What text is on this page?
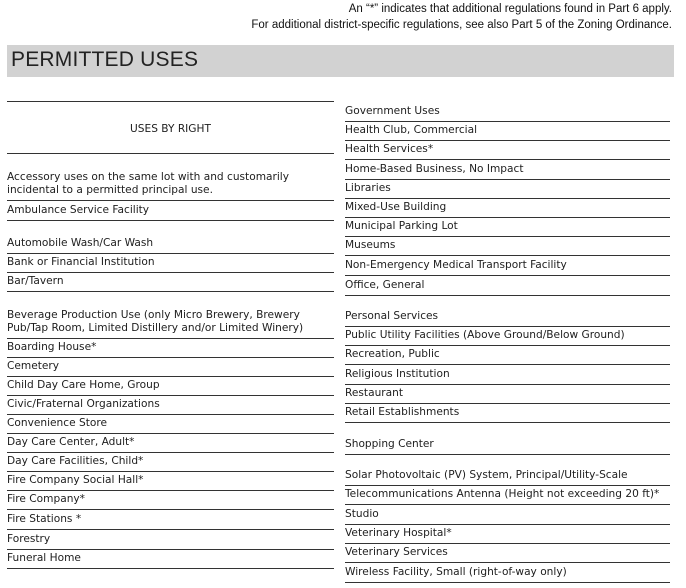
An “*” indicates that additional regulations found in Part 6 apply.
For additional district-specific regulations, see also Part 5 of the Zoning Ordinance.
PERMITTED USES
USES BY RIGHT
Accessory uses on the same lot with and customarily incidental to a permitted principal use.
Ambulance Service Facility
Automobile Wash/Car Wash
Bank or Financial Institution
Bar/Tavern
Beverage Production Use (only Micro Brewery, Brewery Pub/Tap Room, Limited Distillery and/or Limited Winery)
Boarding House*
Cemetery
Child Day Care Home, Group
Civic/Fraternal Organizations
Convenience Store
Day Care Center, Adult*
Day Care Facilities, Child*
Fire Company Social Hall*
Fire Company*
Fire Stations *
Forestry
Funeral Home
Government Uses
Health Club, Commercial
Health Services*
Home-Based Business, No Impact
Libraries
Mixed-Use Building
Municipal Parking Lot
Museums
Non-Emergency Medical Transport Facility
Office, General
Personal Services
Public Utility Facilities (Above Ground/Below Ground)
Recreation, Public
Religious Institution
Restaurant
Retail Establishments
Shopping Center
Solar Photovoltaic (PV) System, Principal/Utility-Scale
Telecommunications Antenna (Height not exceeding 20 ft)*
Studio
Veterinary Hospital*
Veterinary Services
Wireless Facility, Small (right-of-way only)
